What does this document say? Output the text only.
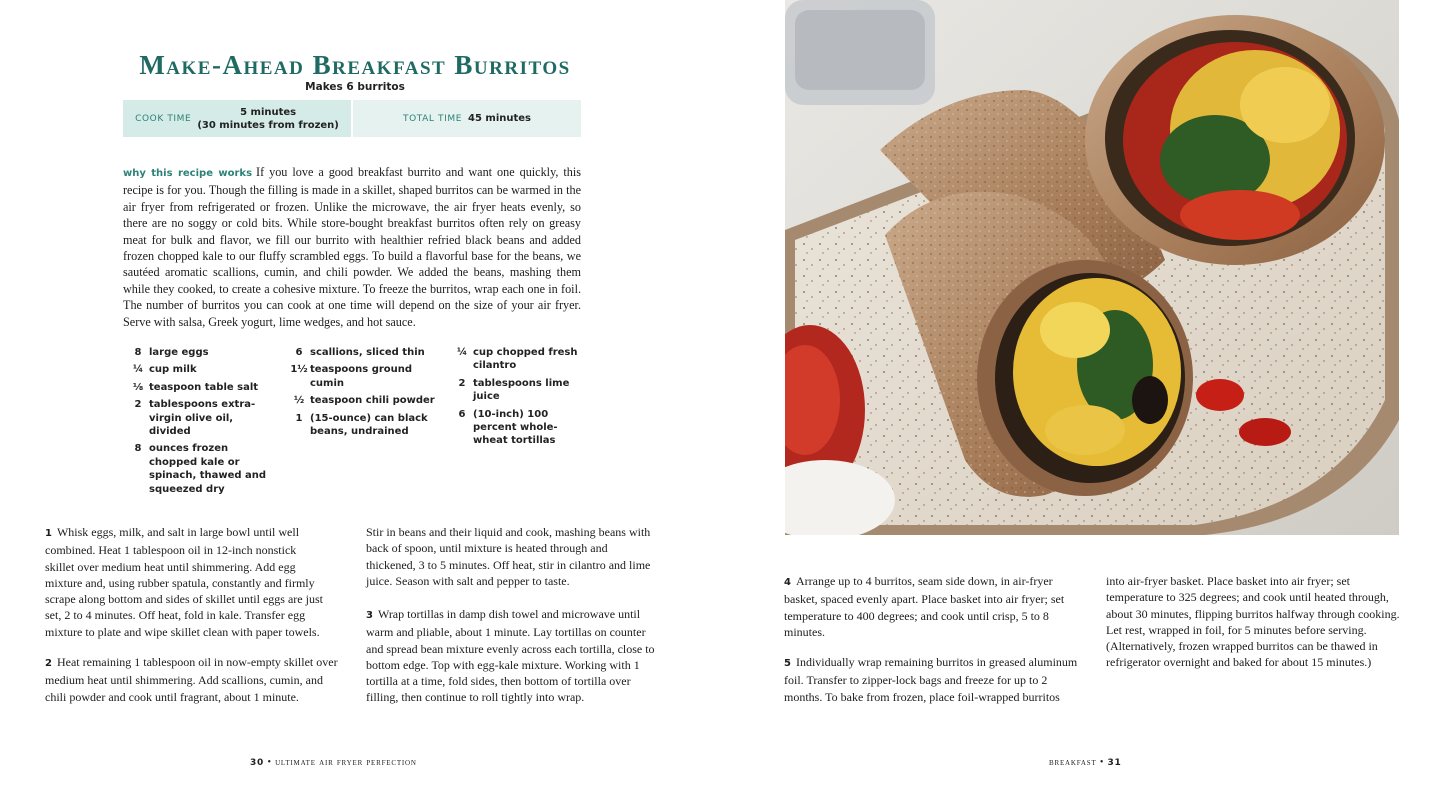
Make-Ahead Breakfast Burritos
Makes 6 burritos
COOK TIME
5 minutes
(30 minutes from frozen)
TOTAL TIME 45 minutes

why this recipe works If you love a good breakfast burrito and want one quickly, this recipe is for you. Though the filling is made in a skillet, shaped burritos can be warmed in the air fryer from refrigerated or frozen. Unlike the microwave, the air fryer heats evenly, so there are no soggy or cold bits. While store-bought breakfast burritos often rely on greasy meat for bulk and flavor, we fill our burrito with healthier refried black beans and added frozen chopped kale to our fluffy scrambled eggs. To build a flavorful base for the beans, we sautéed aromatic scallions, cumin, and chili powder. We added the beans, mashing them while they cooked, to create a cohesive mixture. To freeze the burritos, wrap each one in foil. The number of burritos you can cook at one time will depend on the size of your air fryer. Serve with salsa, Greek yogurt, lime wedges, and hot sauce.

8 large eggs
¼ cup milk
⅛ teaspoon table salt
2 tablespoons extra-virgin olive oil, divided
8 ounces frozen chopped kale or spinach, thawed and squeezed dry
6 scallions, sliced thin
1½ teaspoons ground cumin
½ teaspoon chili powder
1 (15-ounce) can black beans, undrained
¼ cup chopped fresh cilantro
2 tablespoons lime juice
6 (10-inch) 100 percent whole-wheat tortillas

1 Whisk eggs, milk, and salt in large bowl until well combined. Heat 1 tablespoon oil in 12-inch nonstick skillet over medium heat until shimmering. Add egg mixture and, using rubber spatula, constantly and firmly scrape along bottom and sides of skillet until eggs are just set, 2 to 4 minutes. Off heat, fold in kale. Transfer egg mixture to plate and wipe skillet clean with paper towels.

2 Heat remaining 1 tablespoon oil in now-empty skillet over medium heat until shimmering. Add scallions, cumin, and chili powder and cook until fragrant, about 1 minute.

Stir in beans and their liquid and cook, mashing beans with back of spoon, until mixture is heated through and thickened, 3 to 5 minutes. Off heat, stir in cilantro and lime juice. Season with salt and pepper to taste.

3 Wrap tortillas in damp dish towel and microwave until warm and pliable, about 1 minute. Lay tortillas on counter and spread bean mixture evenly across each tortilla, close to bottom edge. Top with egg-kale mixture. Working with 1 tortilla at a time, fold sides, then bottom of tortilla over filling, then continue to roll tightly into wrap.

30 • ultimate air fryer perfection

4 Arrange up to 4 burritos, seam side down, in air-fryer basket, spaced evenly apart. Place basket into air fryer; set temperature to 400 degrees; and cook until crisp, 5 to 8 minutes.

5 Individually wrap remaining burritos in greased aluminum foil. Transfer to zipper-lock bags and freeze for up to 2 months. To bake from frozen, place foil-wrapped burritos

into air-fryer basket. Place basket into air fryer; set temperature to 325 degrees; and cook until heated through, about 30 minutes, flipping burritos halfway through cooking. Let rest, wrapped in foil, for 5 minutes before serving. (Alternatively, frozen wrapped burritos can be thawed in refrigerator overnight and baked for about 15 minutes.)

breakfast • 31
